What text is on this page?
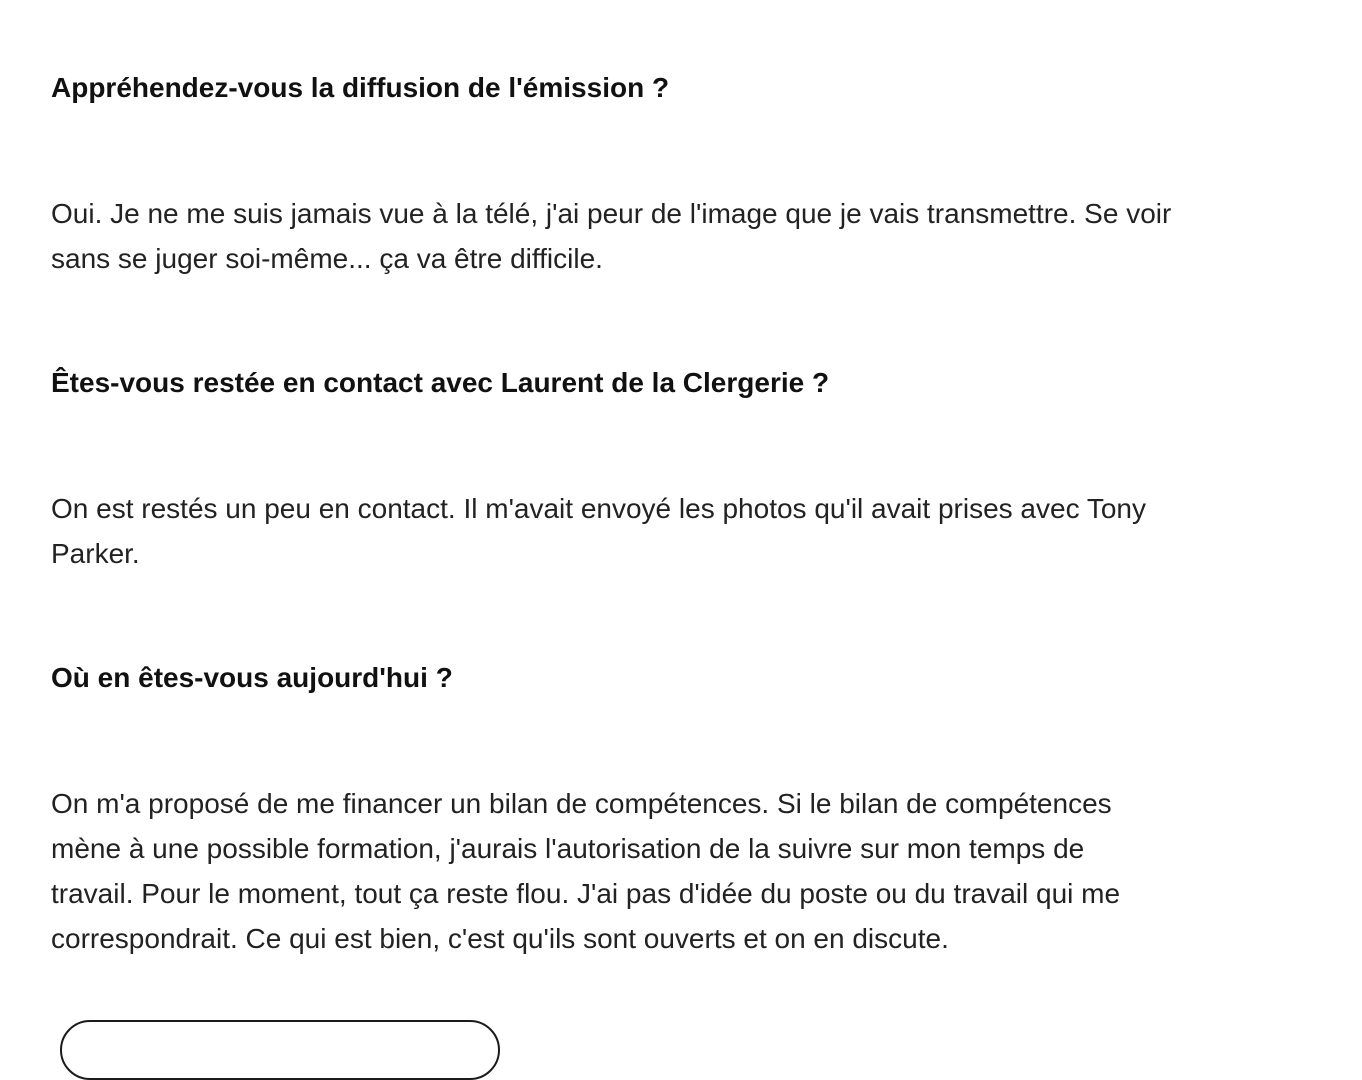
Appréhendez-vous la diffusion de l'émission ?

Oui. Je ne me suis jamais vue à la télé, j'ai peur de l'image que je vais transmettre. Se voir
sans se juger soi-même... ça va être difficile.

Êtes-vous restée en contact avec Laurent de la Clergerie ?

On est restés un peu en contact. Il m'avait envoyé les photos qu'il avait prises avec Tony
Parker.

Où en êtes-vous aujourd'hui ?

On m'a proposé de me financer un bilan de compétences. Si le bilan de compétences
mène à une possible formation, j'aurais l'autorisation de la suivre sur mon temps de
travail. Pour le moment, tout ça reste flou. J'ai pas d'idée du poste ou du travail qui me
correspondrait. Ce qui est bien, c'est qu'ils sont ouverts et on en discute.
